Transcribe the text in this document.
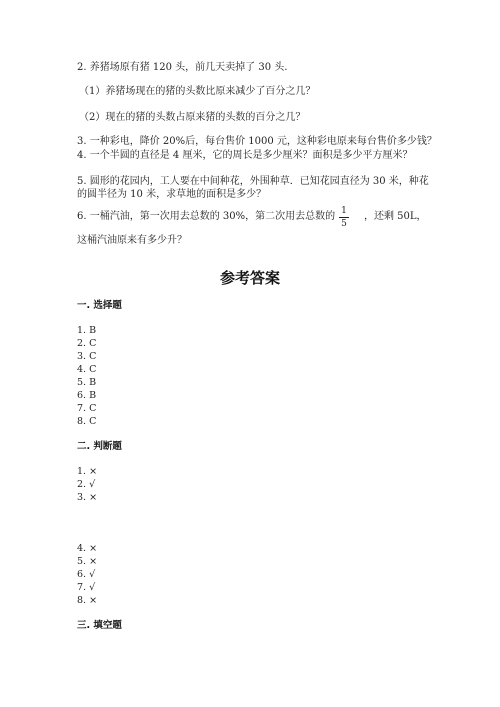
2. 养猪场原有猪 120 头，前几天卖掉了 30 头.
（1）养猪场现在的猪的头数比原来减少了百分之几？
（2）现在的猪的头数占原来猪的头数的百分之几？
3. 一种彩电，降价 20%后，每台售价 1000 元，这种彩电原来每台售价多少钱？
4. 一个半圆的直径是 4 厘米，它的周长是多少厘米？面积是多少平方厘米？
5. 圆形的花园内，工人要在中间种花，外围种草．已知花园直径为 30 米，种花
的圆半径为 10 米，求草地的面积是多少？
6. 一桶汽油，第一次用去总数的 30%，第二次用去总数的 1
5
，还剩 50L，
这桶汽油原来有多少升？
参考答案
一. 选择题
1. B
2. C
3. C
4. C
5. B
6. B
7. C
8. C
二. 判断题
1. ×
2. √
3. ×
4. ×
5. ×
6. √
7. √
8. ×
三. 填空题
